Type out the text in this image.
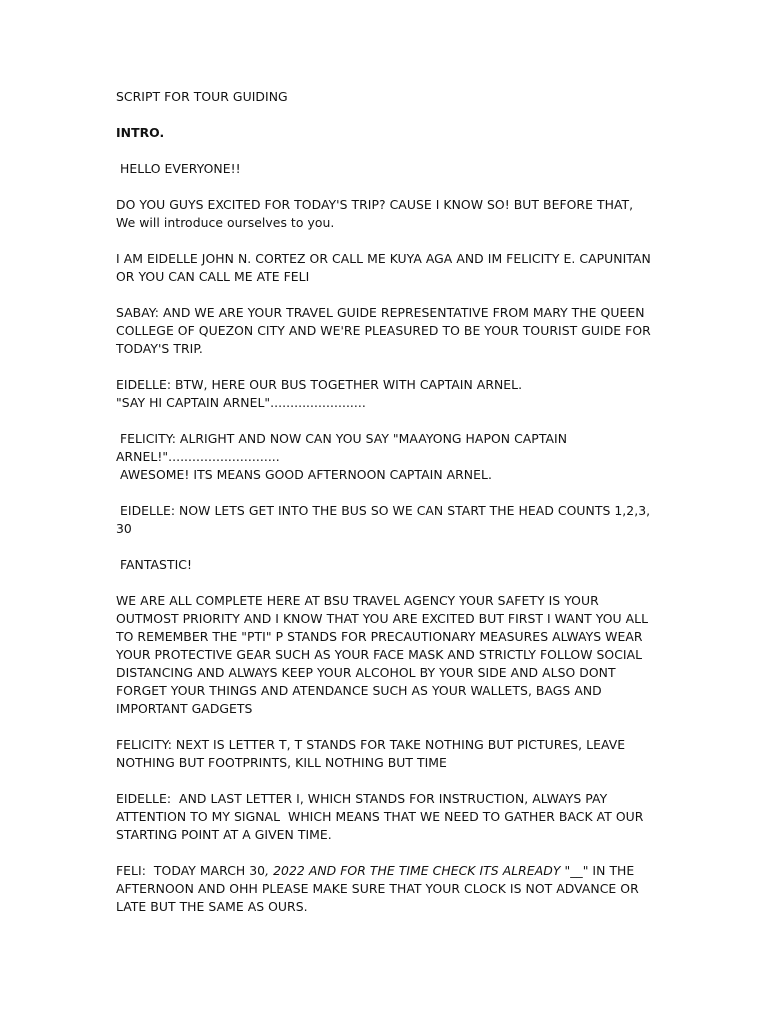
SCRIPT FOR TOUR GUIDING

INTRO.

HELLO EVERYONE!!

DO YOU GUYS EXCITED FOR TODAY'S TRIP? CAUSE I KNOW SO! BUT BEFORE THAT, We will introduce ourselves to you.

I AM EIDELLE JOHN N. CORTEZ OR CALL ME KUYA AGA AND IM FELICITY E. CAPUNITAN OR YOU CAN CALL ME ATE FELI

SABAY: AND WE ARE YOUR TRAVEL GUIDE REPRESENTATIVE FROM MARY THE QUEEN COLLEGE OF QUEZON CITY AND WE'RE PLEASURED TO BE YOUR TOURIST GUIDE FOR TODAY'S TRIP.

EIDELLE: BTW, HERE OUR BUS TOGETHER WITH CAPTAIN ARNEL.
"SAY HI CAPTAIN ARNEL"........................

FELICITY: ALRIGHT AND NOW CAN YOU SAY "MAAYONG HAPON CAPTAIN ARNEL!"............................
AWESOME! ITS MEANS GOOD AFTERNOON CAPTAIN ARNEL.

EIDELLE: NOW LETS GET INTO THE BUS SO WE CAN START THE HEAD COUNTS 1,2,3, 30

FANTASTIC!

WE ARE ALL COMPLETE HERE AT BSU TRAVEL AGENCY YOUR SAFETY IS YOUR OUTMOST PRIORITY AND I KNOW THAT YOU ARE EXCITED BUT FIRST I WANT YOU ALL TO REMEMBER THE "PTI" P STANDS FOR PRECAUTIONARY MEASURES ALWAYS WEAR YOUR PROTECTIVE GEAR SUCH AS YOUR FACE MASK AND STRICTLY FOLLOW SOCIAL DISTANCING AND ALWAYS KEEP YOUR ALCOHOL BY YOUR SIDE AND ALSO DONT FORGET YOUR THINGS AND ATENDANCE SUCH AS YOUR WALLETS, BAGS AND IMPORTANT GADGETS

FELICITY: NEXT IS LETTER T, T STANDS FOR TAKE NOTHING BUT PICTURES, LEAVE NOTHING BUT FOOTPRINTS, KILL NOTHING BUT TIME

EIDELLE:  AND LAST LETTER I, WHICH STANDS FOR INSTRUCTION, ALWAYS PAY ATTENTION TO MY SIGNAL  WHICH MEANS THAT WE NEED TO GATHER BACK AT OUR STARTING POINT AT A GIVEN TIME.

FELI:  TODAY MARCH 30, 2022 AND FOR THE TIME CHECK ITS ALREADY "__" IN THE AFTERNOON AND OHH PLEASE MAKE SURE THAT YOUR CLOCK IS NOT ADVANCE OR LATE BUT THE SAME AS OURS.
